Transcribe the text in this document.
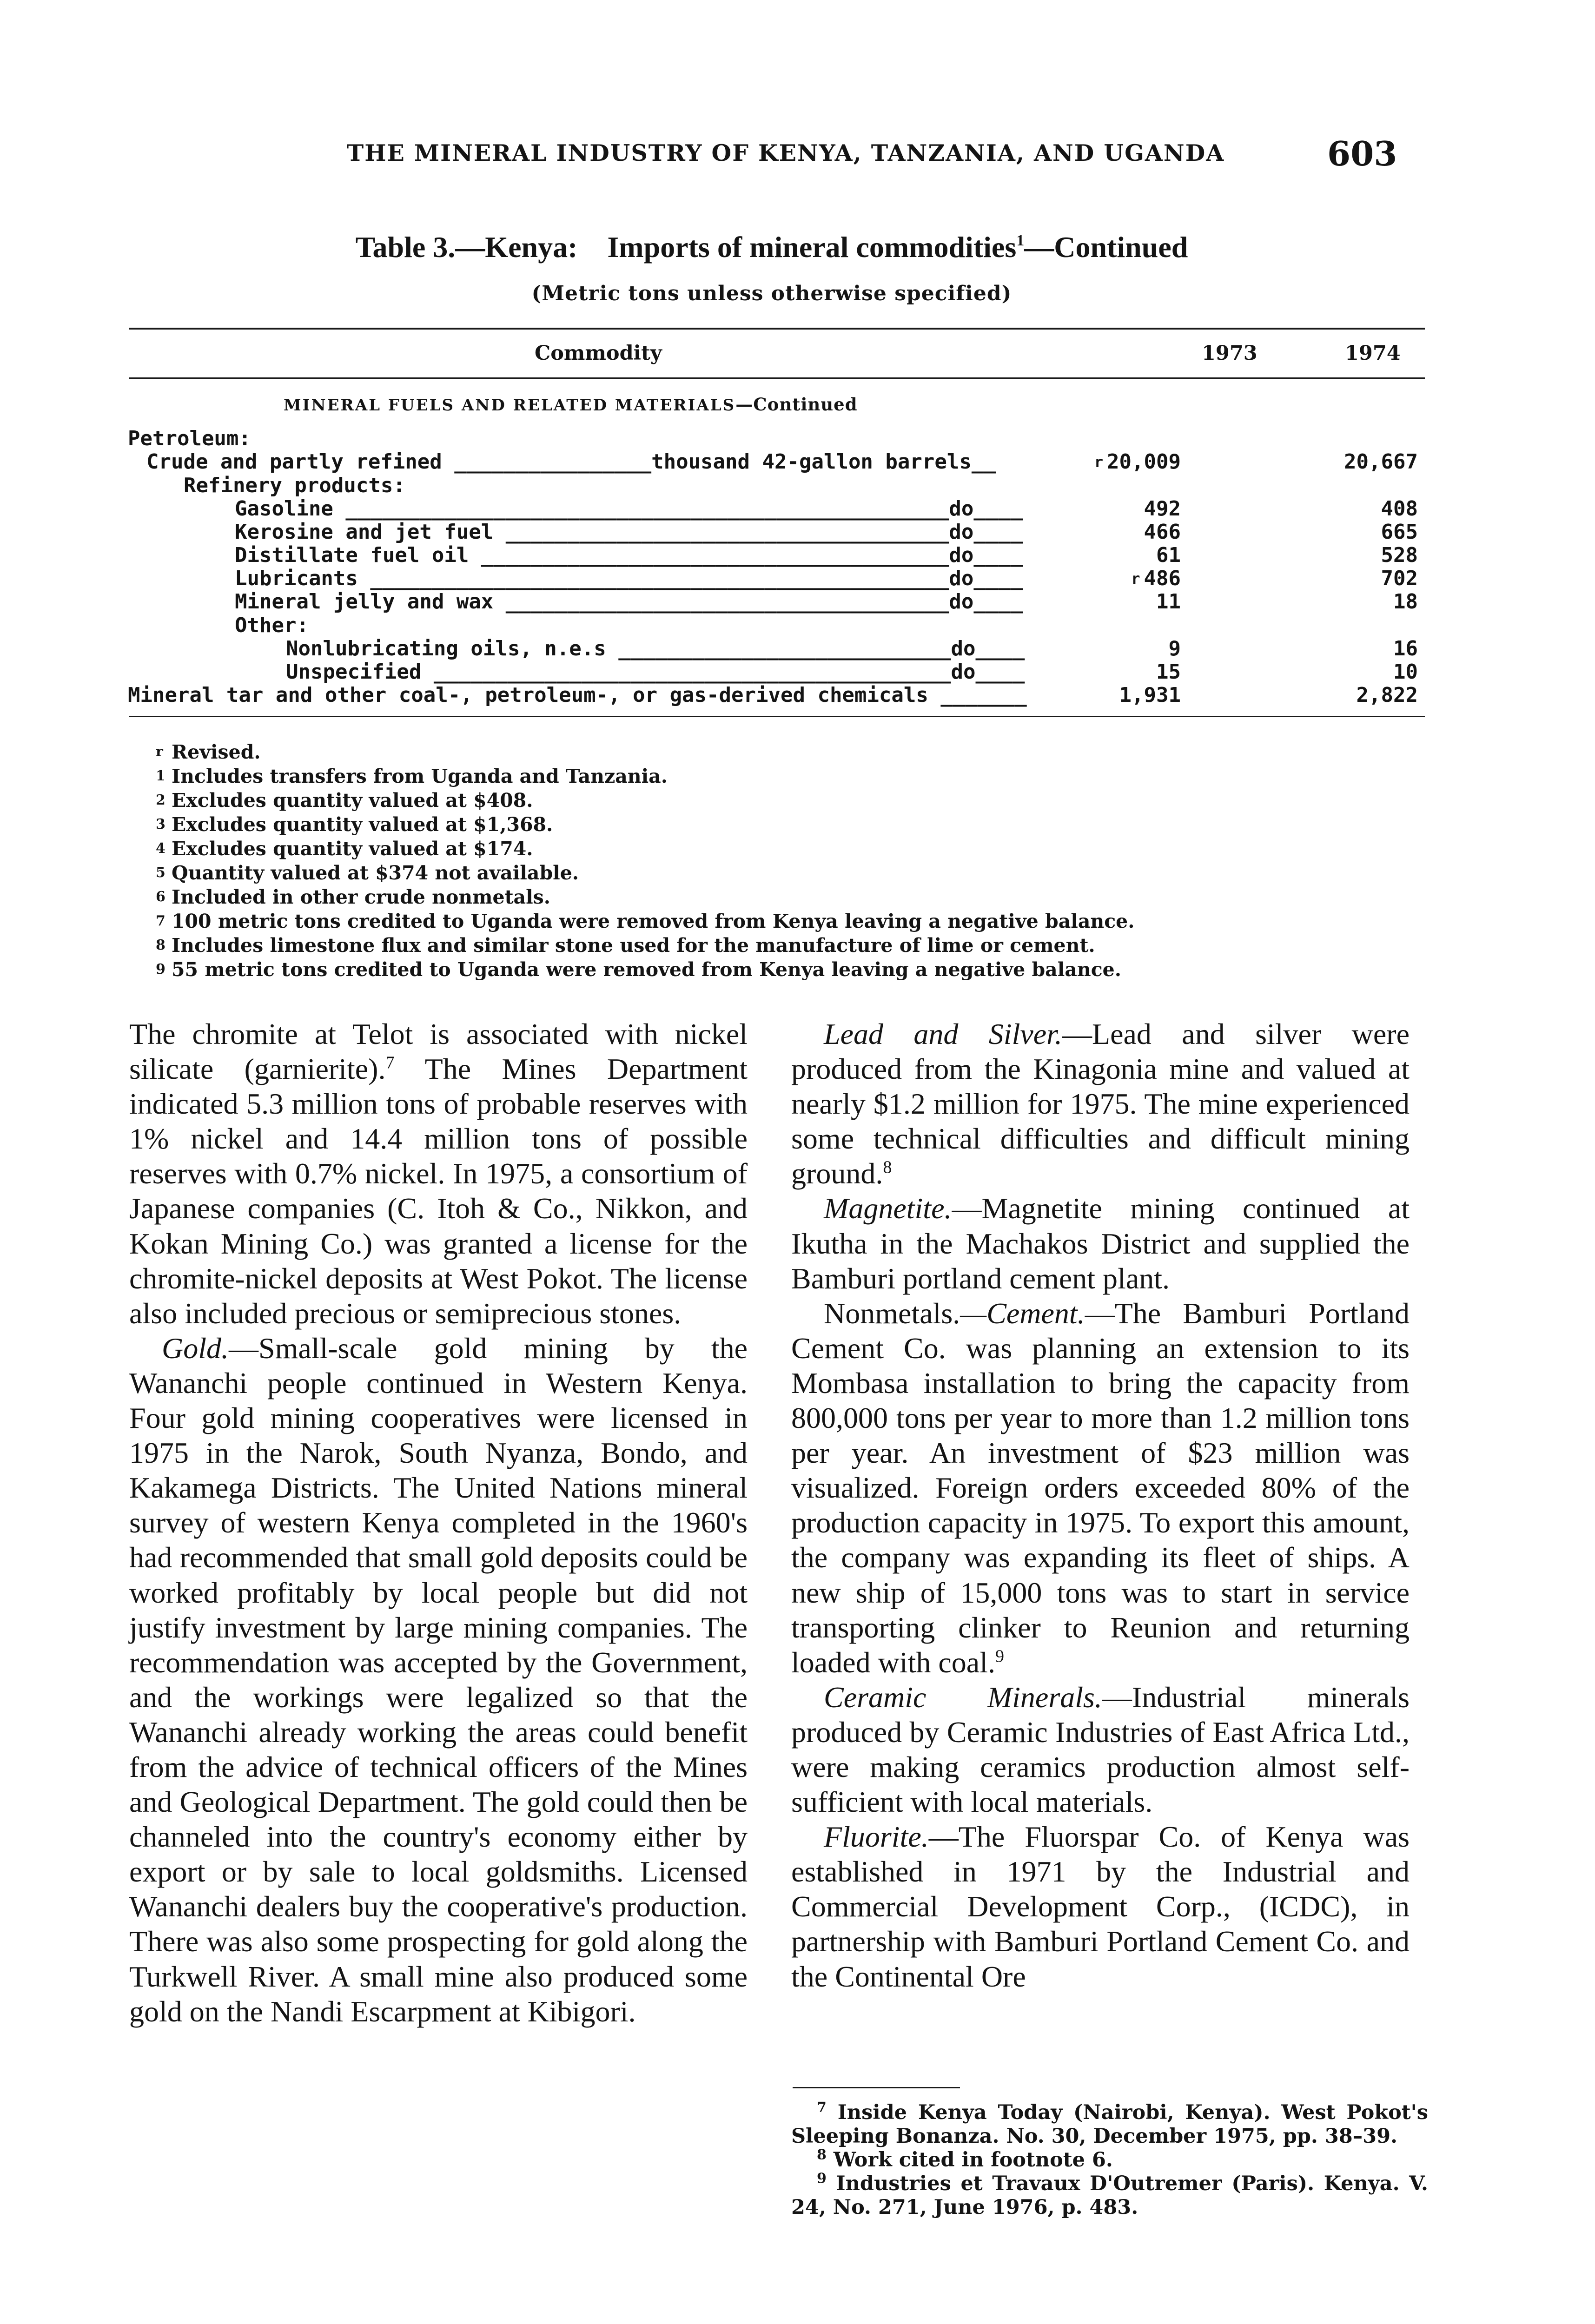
THE MINERAL INDUSTRY OF KENYA, TANZANIA, AND UGANDA	603
Table 3.—Kenya: Imports of mineral commodities$^1$—Continued
(Metric tons unless otherwise specified)
Commodity	1973	1974
MINERAL FUELS AND RELATED MATERIALS—Continued
Petroleum:
Crude and partly refined ________________thousand 42-gallon barrels__	$^r$ 20,009	20,667
Refinery products:
Gasoline _________________________________________________do____	492	408
Kerosine and jet fuel ____________________________________do____	466	665
Distillate fuel oil ______________________________________do____	61	528
Lubricants _______________________________________________do____	$^r$ 486	702
Mineral jelly and wax ____________________________________do____	11	18
Other:
Nonlubricating oils, n.e.s ___________________________do____	9	16
Unspecified __________________________________________do____	15	10
Mineral tar and other coal-, petroleum-, or gas-derived chemicals _______	1,931	2,822
r Revised.
1 Includes transfers from Uganda and Tanzania.
2 Excludes quantity valued at $408.
3 Excludes quantity valued at $1,368.
4 Excludes quantity valued at $174.
5 Quantity valued at $374 not available.
6 Included in other crude nonmetals.
7 100 metric tons credited to Uganda were removed from Kenya leaving a negative balance.
8 Includes limestone flux and similar stone used for the manufacture of lime or cement.
9 55 metric tons credited to Uganda were removed from Kenya leaving a negative balance.

The chromite at Telot is associated with nickel silicate (garnierite).$^7$ The Mines Department indicated 5.3 million tons of probable reserves with 1% nickel and 14.4 million tons of possible reserves with 0.7% nickel. In 1975, a consortium of Japanese companies (C. Itoh & Co., Nikkon, and Kokan Mining Co.) was granted a license for the chromite-nickel deposits at West Pokot. The license also included precious or semiprecious stones.

Gold.—Small-scale gold mining by the Wananchi people continued in Western Kenya. Four gold mining cooperatives were licensed in 1975 in the Narok, South Nyanza, Bondo, and Kakamega Districts. The United Nations mineral survey of western Kenya completed in the 1960's had recommended that small gold deposits could be worked profitably by local people but did not justify investment by large mining companies. The recommendation was accepted by the Government, and the workings were legalized so that the Wananchi already working the areas could benefit from the advice of technical officers of the Mines and Geological Department. The gold could then be channeled into the country's economy either by export or by sale to local goldsmiths. Licensed Wananchi dealers buy the cooperative's production. There was also some prospecting for gold along the Turkwell River. A small mine also produced some gold on the Nandi Escarpment at Kibigori.

Lead and Silver.—Lead and silver were produced from the Kinagonia mine and valued at nearly $1.2 million for 1975. The mine experienced some technical difficulties and difficult mining ground.$^8$

Magnetite.—Magnetite mining continued at Ikutha in the Machakos District and supplied the Bamburi portland cement plant.

Nonmetals.—Cement.—The Bamburi Portland Cement Co. was planning an extension to its Mombasa installation to bring the capacity from 800,000 tons per year to more than 1.2 million tons per year. An investment of $23 million was visualized. Foreign orders exceeded 80% of the production capacity in 1975. To export this amount, the company was expanding its fleet of ships. A new ship of 15,000 tons was to start in service transporting clinker to Reunion and returning loaded with coal.$^9$

Ceramic Minerals.—Industrial minerals produced by Ceramic Industries of East Africa Ltd., were making ceramics production almost self-sufficient with local materials.

Fluorite.—The Fluorspar Co. of Kenya was established in 1971 by the Industrial and Commercial Development Corp., (ICDC), in partnership with Bamburi Portland Cement Co. and the Continental Ore

$^7$ Inside Kenya Today (Nairobi, Kenya). West Pokot's Sleeping Bonanza. No. 30, December 1975, pp. 38–39.

$^8$ Work cited in footnote 6.

$^9$ Industries et Travaux D'Outremer (Paris). Kenya. V. 24, No. 271, June 1976, p. 483.
